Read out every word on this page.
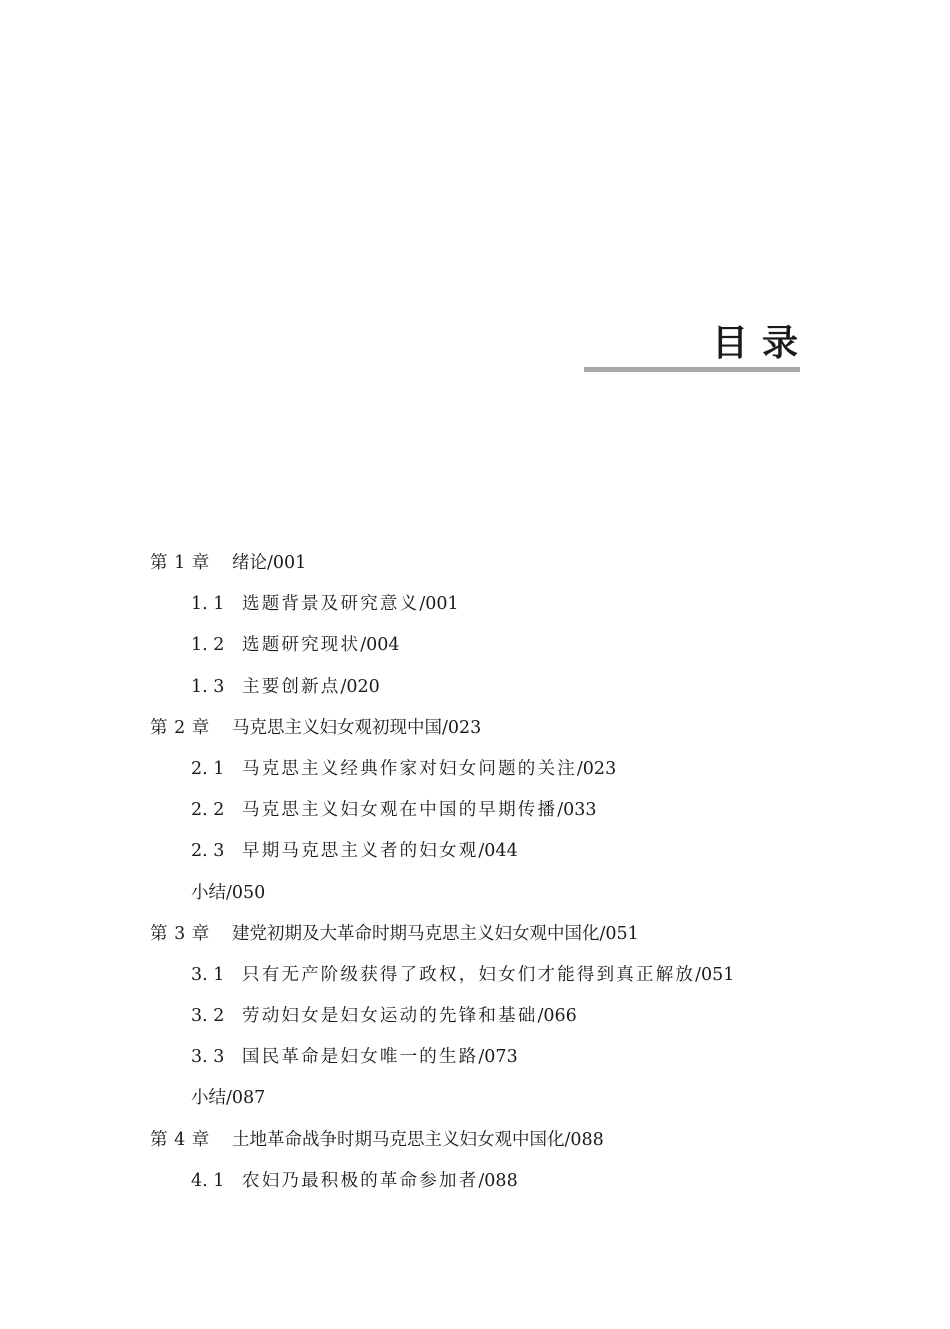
目录
第 1 章 绪论/001
1. 1 选题背景及研究意义/001
1. 2 选题研究现状/004
1. 3 主要创新点/020
第 2 章 马克思主义妇女观初现中国/023
2. 1 马克思主义经典作家对妇女问题的关注/023
2. 2 马克思主义妇女观在中国的早期传播/033
2. 3 早期马克思主义者的妇女观/044
小结/050
第 3 章 建党初期及大革命时期马克思主义妇女观中国化/051
3. 1 只有无产阶级获得了政权，妇女们才能得到真正解放/051
3. 2 劳动妇女是妇女运动的先锋和基础/066
3. 3 国民革命是妇女唯一的生路/073
小结/087
第 4 章 土地革命战争时期马克思主义妇女观中国化/088
4. 1 农妇乃最积极的革命参加者/088
